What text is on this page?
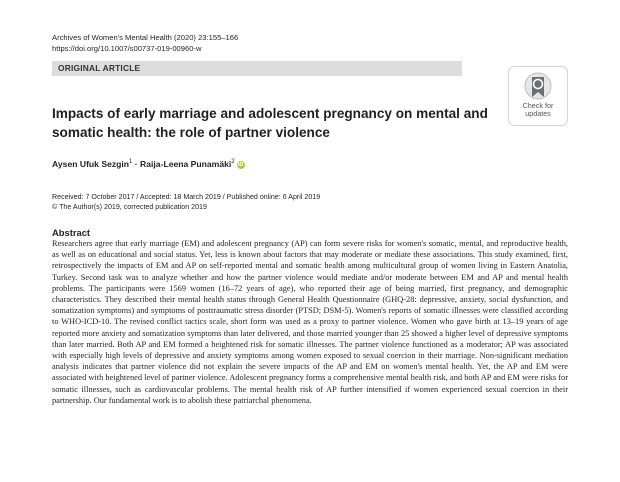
Archives of Women's Mental Health (2020) 23:155–166
https://doi.org/10.1007/s00737-019-00960-w
ORIGINAL ARTICLE
Check for
updates
Impacts of early marriage and adolescent pregnancy on mental and somatic health: the role of partner violence
Aysen Ufuk Sezgin$^1$ · Raija-Leena Punamäki$^2$ iD
Received: 7 October 2017 / Accepted: 18 March 2019 / Published online: 6 April 2019
© The Author(s) 2019, corrected publication 2019
Abstract
Researchers agree that early marriage (EM) and adolescent pregnancy (AP) can form severe risks for women's somatic, mental, and reproductive health, as well as on educational and social status. Yet, less is known about factors that may moderate or mediate these associations. This study examined, first, retrospectively the impacts of EM and AP on self-reported mental and somatic health among multicultural group of women living in Eastern Anatolia, Turkey. Second task was to analyze whether and how the partner violence would mediate and/or moderate between EM and AP and mental health problems. The participants were 1569 women (16–72 years of age), who reported their age of being married, first pregnancy, and demographic characteristics. They described their mental health status through General Health Questionnaire (GHQ-28: depressive, anxiety, social dysfunction, and somatization symptoms) and symptoms of posttraumatic stress disorder (PTSD; DSM-5). Women's reports of somatic illnesses were classified according to WHO-ICD-10. The revised conflict tactics scale, short form was used as a proxy to partner violence. Women who gave birth at 13–19 years of age reported more anxiety and somatization symptoms than later delivered, and those married younger than 25 showed a higher level of depressive symptoms than later married. Both AP and EM formed a heightened risk for somatic illnesses. The partner violence functioned as a moderator; AP was associated with especially high levels of depressive and anxiety symptoms among women exposed to sexual coercion in their marriage. Non-significant mediation analysis indicates that partner violence did not explain the severe impacts of the AP and EM on women's mental health. Yet, the AP and EM were associated with heightened level of partner violence. Adolescent pregnancy forms a comprehensive mental health risk, and both AP and EM were risks for somatic illnesses, such as cardiovascular problems. The mental health risk of AP further intensified if women experienced sexual coercion in their partnership. Our fundamental work is to abolish these patriarchal phenomena.
